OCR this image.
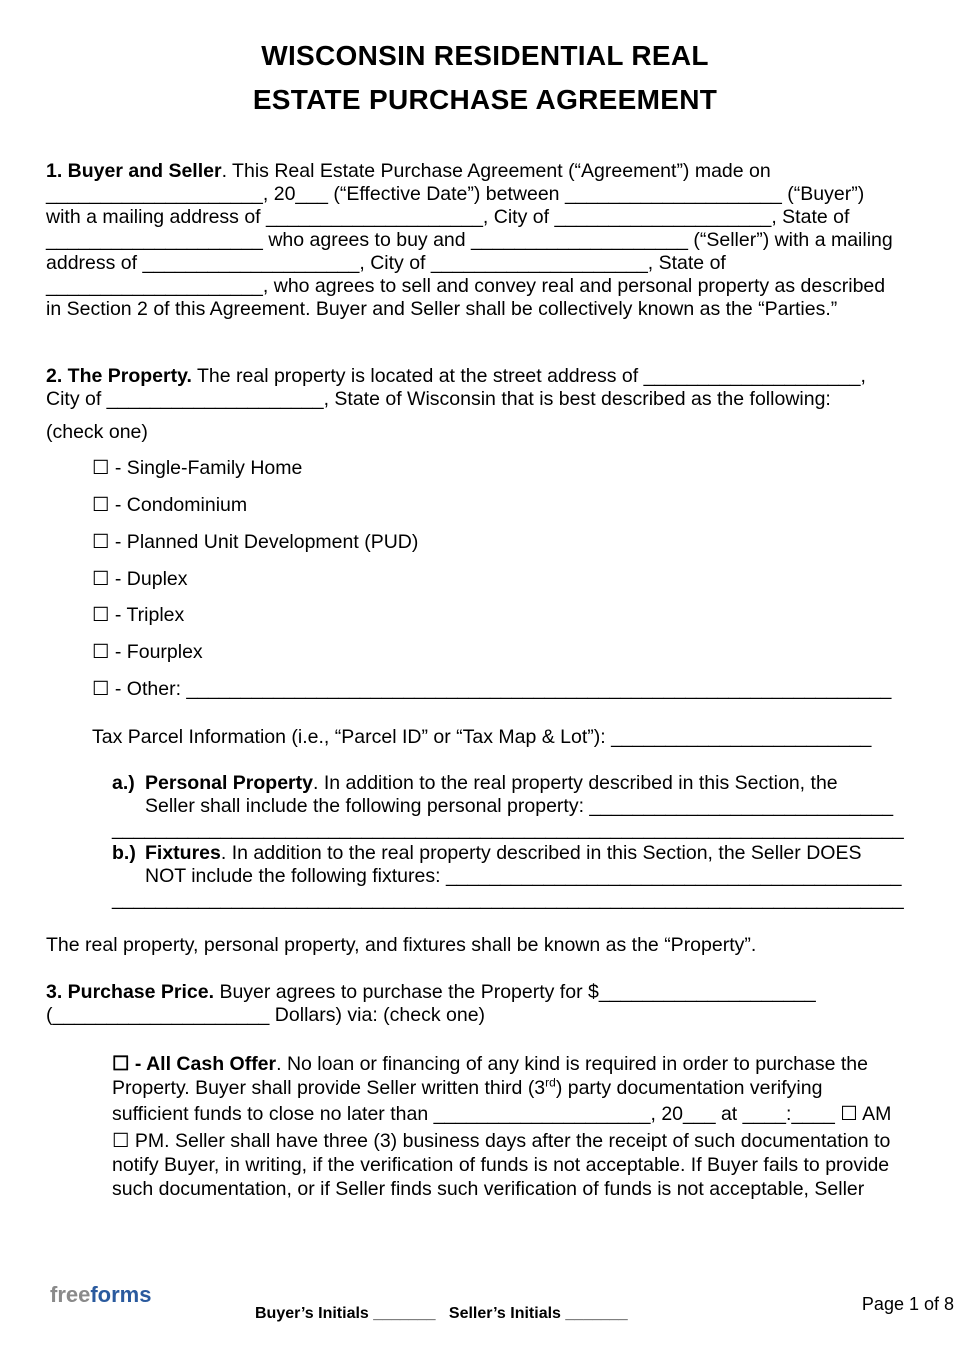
WISCONSIN RESIDENTIAL REAL
ESTATE PURCHASE AGREEMENT
1. Buyer and Seller. This Real Estate Purchase Agreement (“Agreement”) made on
____________________, 20___ (“Effective Date”) between ____________________ (“Buyer”)
with a mailing address of ____________________, City of ____________________, State of
____________________ who agrees to buy and ____________________ (“Seller”) with a mailing
address of ____________________, City of ____________________, State of
____________________, who agrees to sell and convey real and personal property as described
in Section 2 of this Agreement. Buyer and Seller shall be collectively known as the “Parties.”
2. The Property. The real property is located at the street address of ____________________,
City of ____________________, State of Wisconsin that is best described as the following:
(check one)
☐ - Single-Family Home
☐ - Condominium
☐ - Planned Unit Development (PUD)
☐ - Duplex
☐ - Triplex
☐ - Fourplex
☐ - Other: _________________________________________________________________
Tax Parcel Information (i.e., “Parcel ID” or “Tax Map & Lot”): ________________________
a.) Personal Property. In addition to the real property described in this Section, the
Seller shall include the following personal property: ____________________________
_________________________________________________________________________
b.) Fixtures. In addition to the real property described in this Section, the Seller DOES
NOT include the following fixtures: __________________________________________
_________________________________________________________________________
The real property, personal property, and fixtures shall be known as the “Property”.
3. Purchase Price. Buyer agrees to purchase the Property for $____________________
(____________________ Dollars) via: (check one)
☐ - All Cash Offer. No loan or financing of any kind is required in order to purchase the
Property. Buyer shall provide Seller written third (3rd) party documentation verifying
sufficient funds to close no later than ____________________, 20___ at ____:____ ☐ AM
☐ PM. Seller shall have three (3) business days after the receipt of such documentation to
notify Buyer, in writing, if the verification of funds is not acceptable. If Buyer fails to provide
such documentation, or if Seller finds such verification of funds is not acceptable, Seller
freeforms
Buyer’s Initials _______   Seller’s Initials _______	Page 1 of 8
